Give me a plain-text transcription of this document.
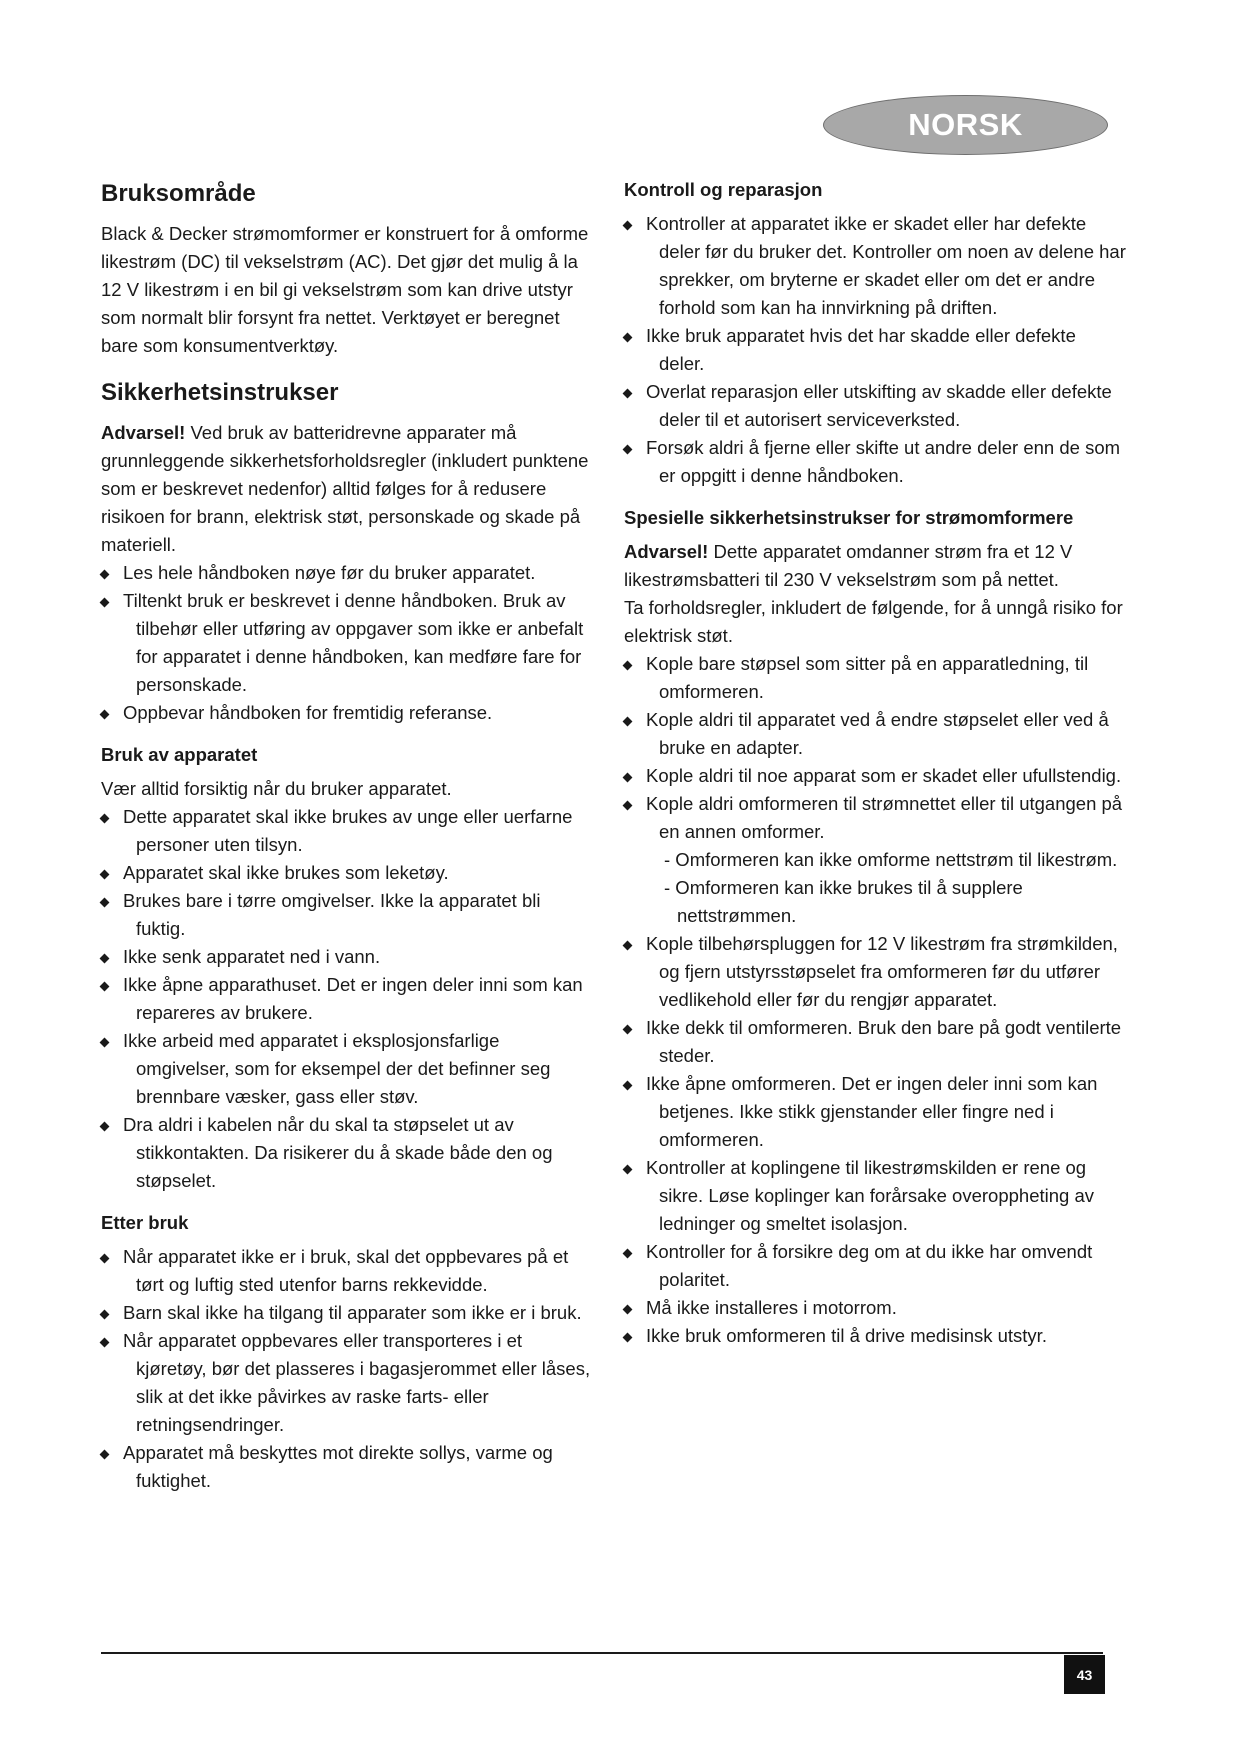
NORSK
Bruksområde

Black & Decker strømomformer er konstruert for å omforme likestrøm (DC) til vekselstrøm (AC). Det gjør det mulig å la 12 V likestrøm i en bil gi vekselstrøm som kan drive utstyr som normalt blir forsynt fra nettet. Verktøyet er beregnet bare som konsumentverktøy.

Sikkerhetsinstrukser

Advarsel! Ved bruk av batteridrevne apparater må grunnleggende sikkerhetsforholdsregler (inkludert punktene som er beskrevet nedenfor) alltid følges for å redusere risikoen for brann, elektrisk støt, personskade og skade på materiell.

Les hele håndboken nøye før du bruker apparatet.
Tiltenkt bruk er beskrevet i denne håndboken. Bruk av tilbehør eller utføring av oppgaver som ikke er anbefalt for apparatet i denne håndboken, kan medføre fare for personskade.
Oppbevar håndboken for fremtidig referanse.
Bruk av apparatet

Vær alltid forsiktig når du bruker apparatet.

Dette apparatet skal ikke brukes av unge eller uerfarne personer uten tilsyn.
Apparatet skal ikke brukes som leketøy.
Brukes bare i tørre omgivelser. Ikke la apparatet bli fuktig.
Ikke senk apparatet ned i vann.
Ikke åpne apparathuset. Det er ingen deler inni som kan repareres av brukere.
Ikke arbeid med apparatet i eksplosjonsfarlige omgivelser, som for eksempel der det befinner seg brennbare væsker, gass eller støv.
Dra aldri i kabelen når du skal ta støpselet ut av stikkontakten. Da risikerer du å skade både den og støpselet.
Etter bruk
Når apparatet ikke er i bruk, skal det oppbevares på et tørt og luftig sted utenfor barns rekkevidde.
Barn skal ikke ha tilgang til apparater som ikke er i bruk.
Når apparatet oppbevares eller transporteres i et kjøretøy, bør det plasseres i bagasjerommet eller låses, slik at det ikke påvirkes av raske farts- eller retningsendringer.
Apparatet må beskyttes mot direkte sollys, varme og fuktighet.
Kontroll og reparasjon
Kontroller at apparatet ikke er skadet eller har defekte deler før du bruker det. Kontroller om noen av delene har sprekker, om bryterne er skadet eller om det er andre forhold som kan ha innvirkning på driften.
Ikke bruk apparatet hvis det har skadde eller defekte deler.
Overlat reparasjon eller utskifting av skadde eller defekte deler til et autorisert serviceverksted.
Forsøk aldri å fjerne eller skifte ut andre deler enn de som er oppgitt i denne håndboken.
Spesielle sikkerhetsinstrukser for strømomformere

Advarsel! Dette apparatet omdanner strøm fra et 12 V likestrømsbatteri til 230 V vekselstrøm som på nettet.

Ta forholdsregler, inkludert de følgende, for å unngå risiko for elektrisk støt.

Kople bare støpsel som sitter på en apparatledning, til omformeren.
Kople aldri til apparatet ved å endre støpselet eller ved å bruke en adapter.
Kople aldri til noe apparat som er skadet eller ufullstendig.
Kople aldri omformeren til strømnettet eller til utgangen på en annen omformer.
- Omformeren kan ikke omforme nettstrøm til likestrøm.
- Omformeren kan ikke brukes til å supplere nettstrømmen.
Kople tilbehørspluggen for 12 V likestrøm fra strømkilden, og fjern utstyrsstøpselet fra omformeren før du utfører vedlikehold eller før du rengjør apparatet.
Ikke dekk til omformeren. Bruk den bare på godt ventilerte steder.
Ikke åpne omformeren. Det er ingen deler inni som kan betjenes. Ikke stikk gjenstander eller fingre ned i omformeren.
Kontroller at koplingene til likestrømskilden er rene og sikre. Løse koplinger kan forårsake overoppheting av ledninger og smeltet isolasjon.
Kontroller for å forsikre deg om at du ikke har omvendt polaritet.
Må ikke installeres i motorrom.
Ikke bruk omformeren til å drive medisinsk utstyr.
43
